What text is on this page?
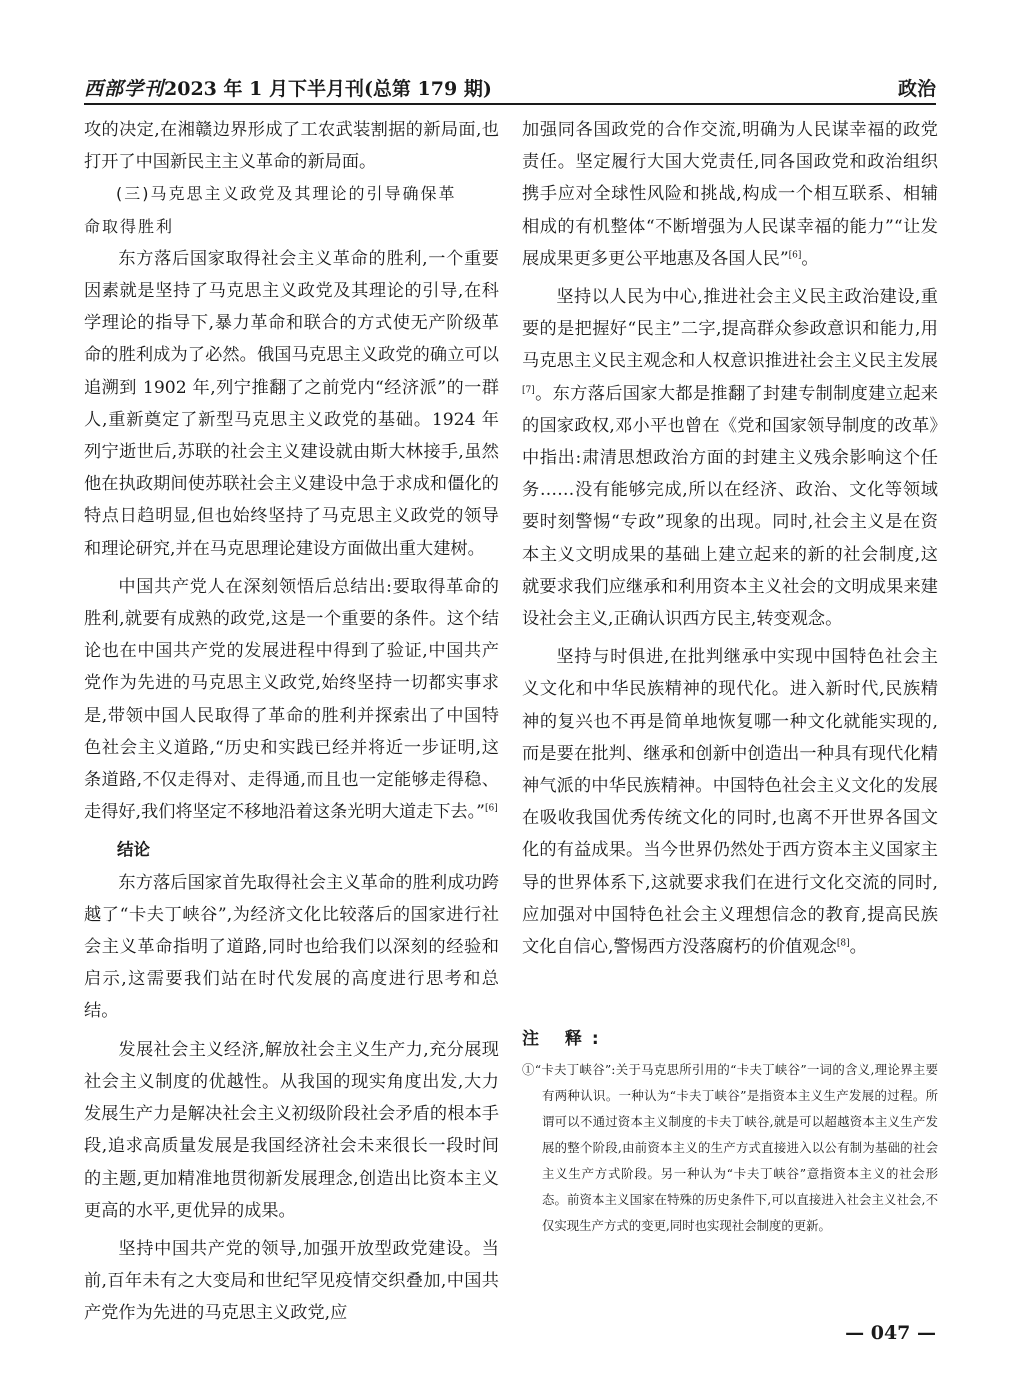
西部学刊 2023 年 1 月下半月刊(总第 179 期)	政治

攻的决定,在湘赣边界形成了工农武装割据的新局面,也打开了中国新民主主义革命的新局面。

(三)马克思主义政党及其理论的引导确保革

命取得胜利

东方落后国家取得社会主义革命的胜利,一个重要因素就是坚持了马克思主义政党及其理论的引导,在科学理论的指导下,暴力革命和联合的方式使无产阶级革命的胜利成为了必然。俄国马克思主义政党的确立可以追溯到 1902 年,列宁推翻了之前党内“经济派”的一群人,重新奠定了新型马克思主义政党的基础。1924 年列宁逝世后,苏联的社会主义建设就由斯大林接手,虽然他在执政期间使苏联社会主义建设中急于求成和僵化的特点日趋明显,但也始终坚持了马克思主义政党的领导和理论研究,并在马克思理论建设方面做出重大建树。

中国共产党人在深刻领悟后总结出:要取得革命的胜利,就要有成熟的政党,这是一个重要的条件。这个结论也在中国共产党的发展进程中得到了验证,中国共产党作为先进的马克思主义政党,始终坚持一切都实事求是,带领中国人民取得了革命的胜利并探索出了中国特色社会主义道路,“历史和实践已经并将近一步证明,这条道路,不仅走得对、走得通,而且也一定能够走得稳、走得好,我们将坚定不移地沿着这条光明大道走下去。”[6]

结论

东方落后国家首先取得社会主义革命的胜利成功跨越了“卡夫丁峡谷”,为经济文化比较落后的国家进行社会主义革命指明了道路,同时也给我们以深刻的经验和启示,这需要我们站在时代发展的高度进行思考和总结。

发展社会主义经济,解放社会主义生产力,充分展现社会主义制度的优越性。从我国的现实角度出发,大力发展生产力是解决社会主义初级阶段社会矛盾的根本手段,追求高质量发展是我国经济社会未来很长一段时间的主题,更加精准地贯彻新发展理念,创造出比资本主义更高的水平,更优异的成果。

坚持中国共产党的领导,加强开放型政党建设。当前,百年未有之大变局和世纪罕见疫情交织叠加,中国共产党作为先进的马克思主义政党,应

加强同各国政党的合作交流,明确为人民谋幸福的政党责任。坚定履行大国大党责任,同各国政党和政治组织携手应对全球性风险和挑战,构成一个相互联系、相辅相成的有机整体“不断增强为人民谋幸福的能力”“让发展成果更多更公平地惠及各国人民”[6]。

坚持以人民为中心,推进社会主义民主政治建设,重要的是把握好“民主”二字,提高群众参政意识和能力,用马克思主义民主观念和人权意识推进社会主义民主发展[7]。东方落后国家大都是推翻了封建专制制度建立起来的国家政权,邓小平也曾在《党和国家领导制度的改革》中指出:肃清思想政治方面的封建主义残余影响这个任务……没有能够完成,所以在经济、政治、文化等领域要时刻警惕“专政”现象的出现。同时,社会主义是在资本主义文明成果的基础上建立起来的新的社会制度,这就要求我们应继承和利用资本主义社会的文明成果来建设社会主义,正确认识西方民主,转变观念。

坚持与时俱进,在批判继承中实现中国特色社会主义文化和中华民族精神的现代化。进入新时代,民族精神的复兴也不再是简单地恢复哪一种文化就能实现的,而是要在批判、继承和创新中创造出一种具有现代化精神气派的中华民族精神。中国特色社会主义文化的发展在吸收我国优秀传统文化的同时,也离不开世界各国文化的有益成果。当今世界仍然处于西方资本主义国家主导的世界体系下,这就要求我们在进行文化交流的同时,应加强对中国特色社会主义理想信念的教育,提高民族文化自信心,警惕西方没落腐朽的价值观念[8]。

注 释:

①“卡夫丁峡谷”:关于马克思所引用的“卡夫丁峡谷”一词的含义,理论界主要有两种认识。一种认为“卡夫丁峡谷”是指资本主义生产发展的过程。所谓可以不通过资本主义制度的卡夫丁峡谷,就是可以超越资本主义生产发展的整个阶段,由前资本主义的生产方式直接进入以公有制为基础的社会主义生产方式阶段。另一种认为“卡夫丁峡谷”意指资本主义的社会形态。前资本主义国家在特殊的历史条件下,可以直接进入社会主义社会,不仅实现生产方式的变更,同时也实现社会制度的更新。

— 047 —
